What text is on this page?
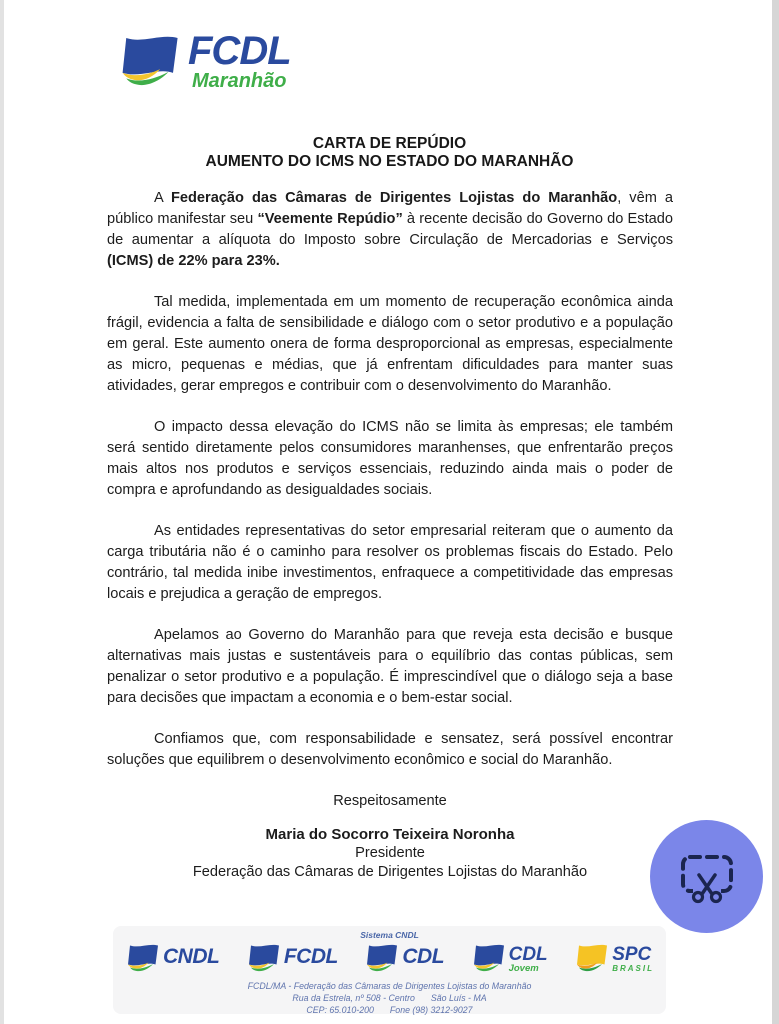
FCDL
Maranhão
CARTA DE REPÚDIO
AUMENTO DO ICMS NO ESTADO DO MARANHÃO

A Federação das Câmaras de Dirigentes Lojistas do Maranhão, vêm a público manifestar seu “Veemente Repúdio” à recente decisão do Governo do Estado de aumentar a alíquota do Imposto sobre Circulação de Mercadorias e Serviços (ICMS) de 22% para 23%.

Tal medida, implementada em um momento de recuperação econômica ainda frágil, evidencia a falta de sensibilidade e diálogo com o setor produtivo e a população em geral. Este aumento onera de forma desproporcional as empresas, especialmente as micro, pequenas e médias, que já enfrentam dificuldades para manter suas atividades, gerar empregos e contribuir com o desenvolvimento do Maranhão.

O impacto dessa elevação do ICMS não se limita às empresas; ele também será sentido diretamente pelos consumidores maranhenses, que enfrentarão preços mais altos nos produtos e serviços essenciais, reduzindo ainda mais o poder de compra e aprofundando as desigualdades sociais.

As entidades representativas do setor empresarial reiteram que o aumento da carga tributária não é o caminho para resolver os problemas fiscais do Estado. Pelo contrário, tal medida inibe investimentos, enfraquece a competitividade das empresas locais e prejudica a geração de empregos.

Apelamos ao Governo do Maranhão para que reveja esta decisão e busque alternativas mais justas e sustentáveis para o equilíbrio das contas públicas, sem penalizar o setor produtivo e a população. É imprescindível que o diálogo seja a base para decisões que impactam a economia e o bem-estar social.

Confiamos que, com responsabilidade e sensatez, será possível encontrar soluções que equilibrem o desenvolvimento econômico e social do Maranhão.

Respeitosamente

Maria do Socorro Teixeira Noronha
Presidente
Federação das Câmaras de Dirigentes Lojistas do Maranhão
Sistema CNDL
CNDL	FCDL	CDL	CDL
Jovem
SPC
BRASIL
FCDL/MA - Federação das Câmaras de Dirigentes Lojistas do Maranhão
Rua da Estrela, nº 508 - Centro São Luís - MA
CEP: 65.010-200 Fone (98) 3212-9027
